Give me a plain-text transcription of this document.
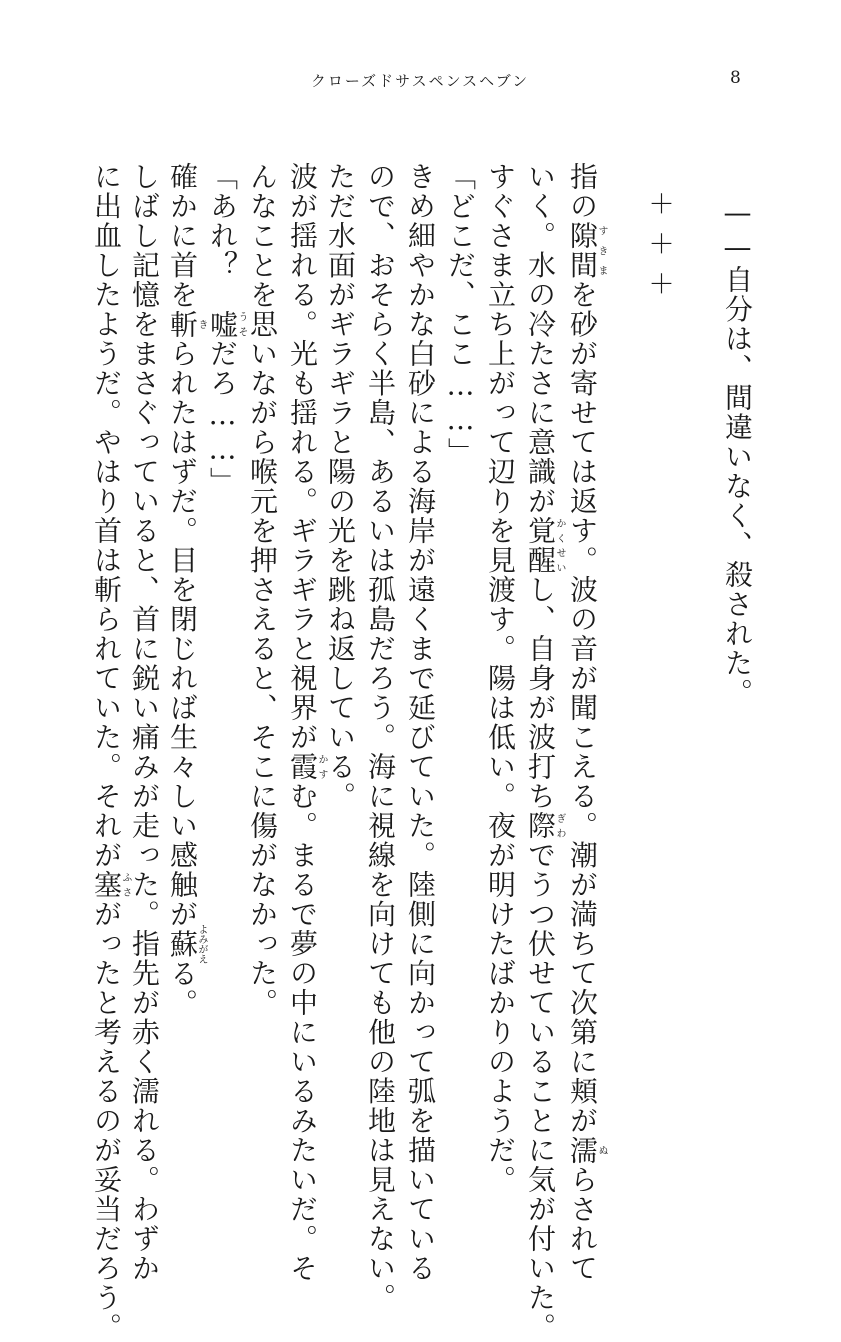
クローズドサスペンスヘブン	8
——自分は、間違いなく、殺された。
＋＋＋
指の隙間すきまを砂が寄せては返す。波の音が聞こえる。潮が満ちて次第に頬が濡ぬらされて
いく。水の冷たさに意識が覚醒かくせいし、自身が波打ち際ぎわでうつ伏せていることに気が付いた。
すぐさま立ち上がって辺りを見渡す。陽は低い。夜が明けたばかりのようだ。
「どこだ、ここ……」
きめ細やかな白砂による海岸が遠くまで延びていた。陸側に向かって弧を描いている
ので、おそらく半島、あるいは孤島だろう。海に視線を向けても他の陸地は見えない。
ただ水面がギラギラと陽の光を跳ね返している。
波が揺れる。光も揺れる。ギラギラと視界が霞かすむ。まるで夢の中にいるみたいだ。そ
んなことを思いながら喉元を押さえると、そこに傷がなかった。
「あれ？　嘘うそだろ……」
確かに首を斬きられたはずだ。目を閉じれば生々しい感触が蘇よみがえる。
しばし記憶をまさぐっていると、首に鋭い痛みが走った。指先が赤く濡れる。わずか
に出血したようだ。やはり首は斬られていた。それが塞ふさがったと考えるのが妥当だろう。
